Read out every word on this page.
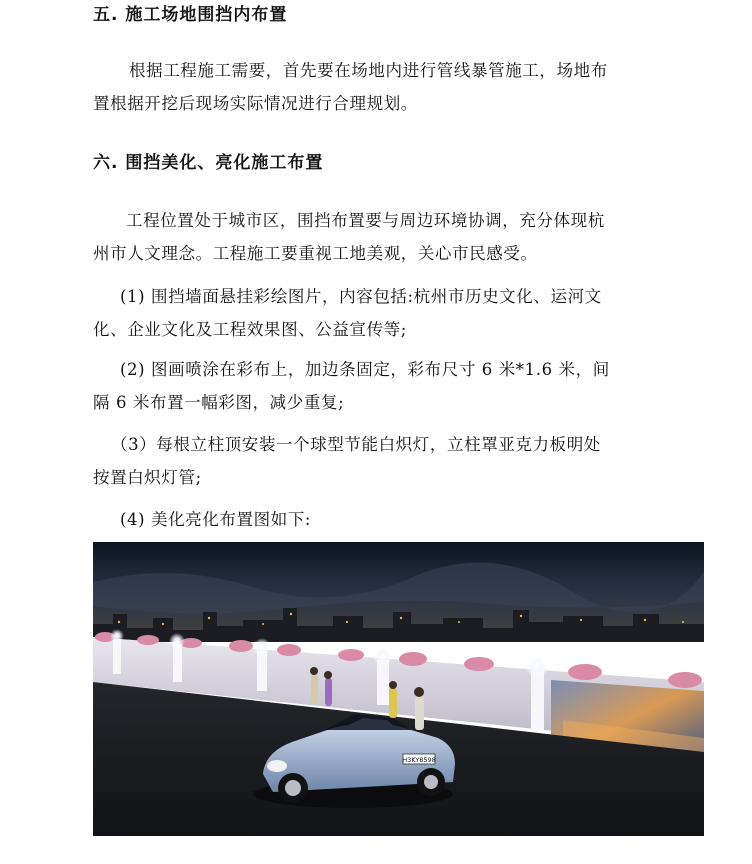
五. 施工场地围挡内布置

根据工程施工需要，首先要在场地内进行管线暴管施工，场地布
置根据开挖后现场实际情况进行合理规划。

六. 围挡美化、亮化施工布置

工程位置处于城市区，围挡布置要与周边环境协调，充分体现杭
州市人文理念。工程施工要重视工地美观，关心市民感受。

(1) 围挡墙面悬挂彩绘图片，内容包括:杭州市历史文化、运河文
化、企业文化及工程效果图、公益宣传等;

(2) 图画喷涂在彩布上，加边条固定，彩布尺寸 6 米*1.6 米，间
隔 6 米布置一幅彩图，减少重复;

（3）每根立柱顶安装一个球型节能白炽灯，立柱罩亚克力板明处
按置白炽灯管;

(4) 美化亮化布置图如下:

H3KY8598
